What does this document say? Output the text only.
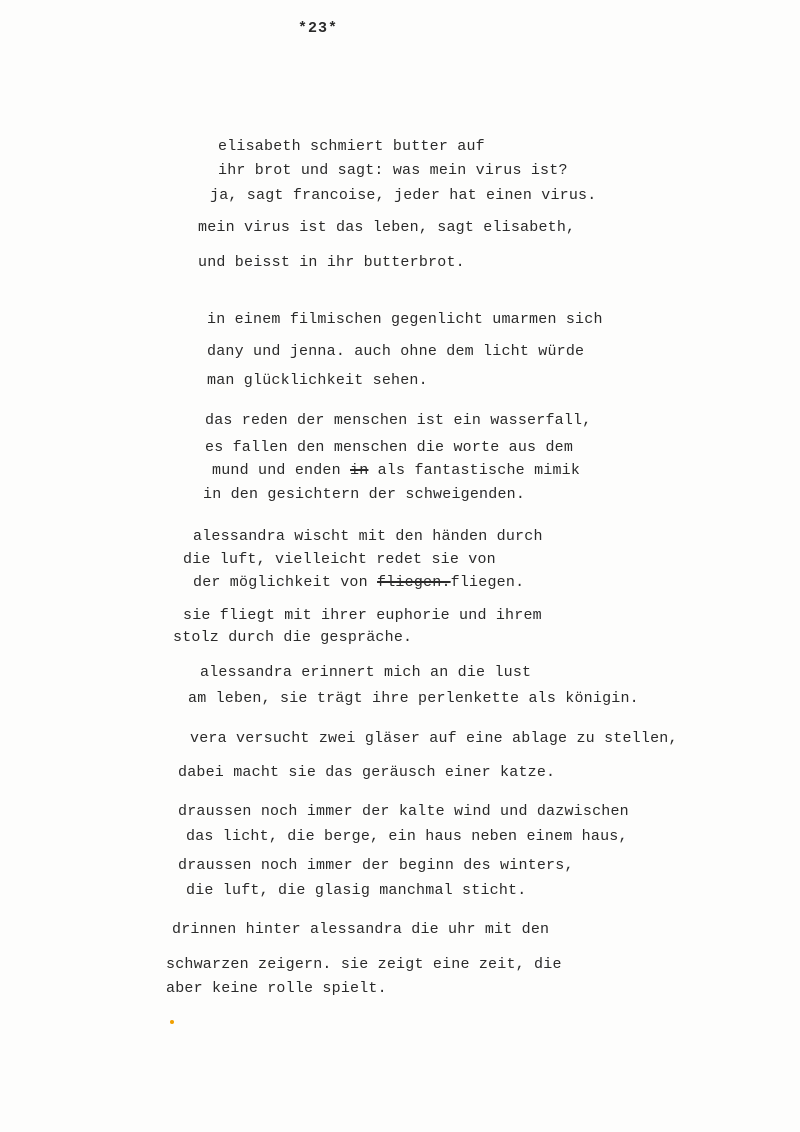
*23*
elisabeth schmiert butter auf
ihr brot und sagt: was mein virus ist?
ja, sagt francoise, jeder hat einen virus.
mein virus ist das leben, sagt elisabeth,
und beisst in ihr butterbrot.
in einem filmischen gegenlicht umarmen sich
dany und jenna. auch ohne dem licht würde
man glücklichkeit sehen.
das reden der menschen ist ein wasserfall,
es fallen den menschen die worte aus dem
mund und enden in als fantastische mimik
in den gesichtern der schweigenden.
alessandra wischt mit den händen durch
die luft, vielleicht redet sie von
der möglichkeit von fliegen.fliegen.
sie fliegt mit ihrer euphorie und ihrem
stolz durch die gespräche.
alessandra erinnert mich an die lust
am leben, sie trägt ihre perlenkette als königin.
vera versucht zwei gläser auf eine ablage zu stellen,
dabei macht sie das geräusch einer katze.
draussen noch immer der kalte wind und dazwischen
das licht, die berge, ein haus neben einem haus,
draussen noch immer der beginn des winters,
die luft, die glasig manchmal sticht.
drinnen hinter alessandra die uhr mit den
schwarzen zeigern. sie zeigt eine zeit, die
aber keine rolle spielt.
